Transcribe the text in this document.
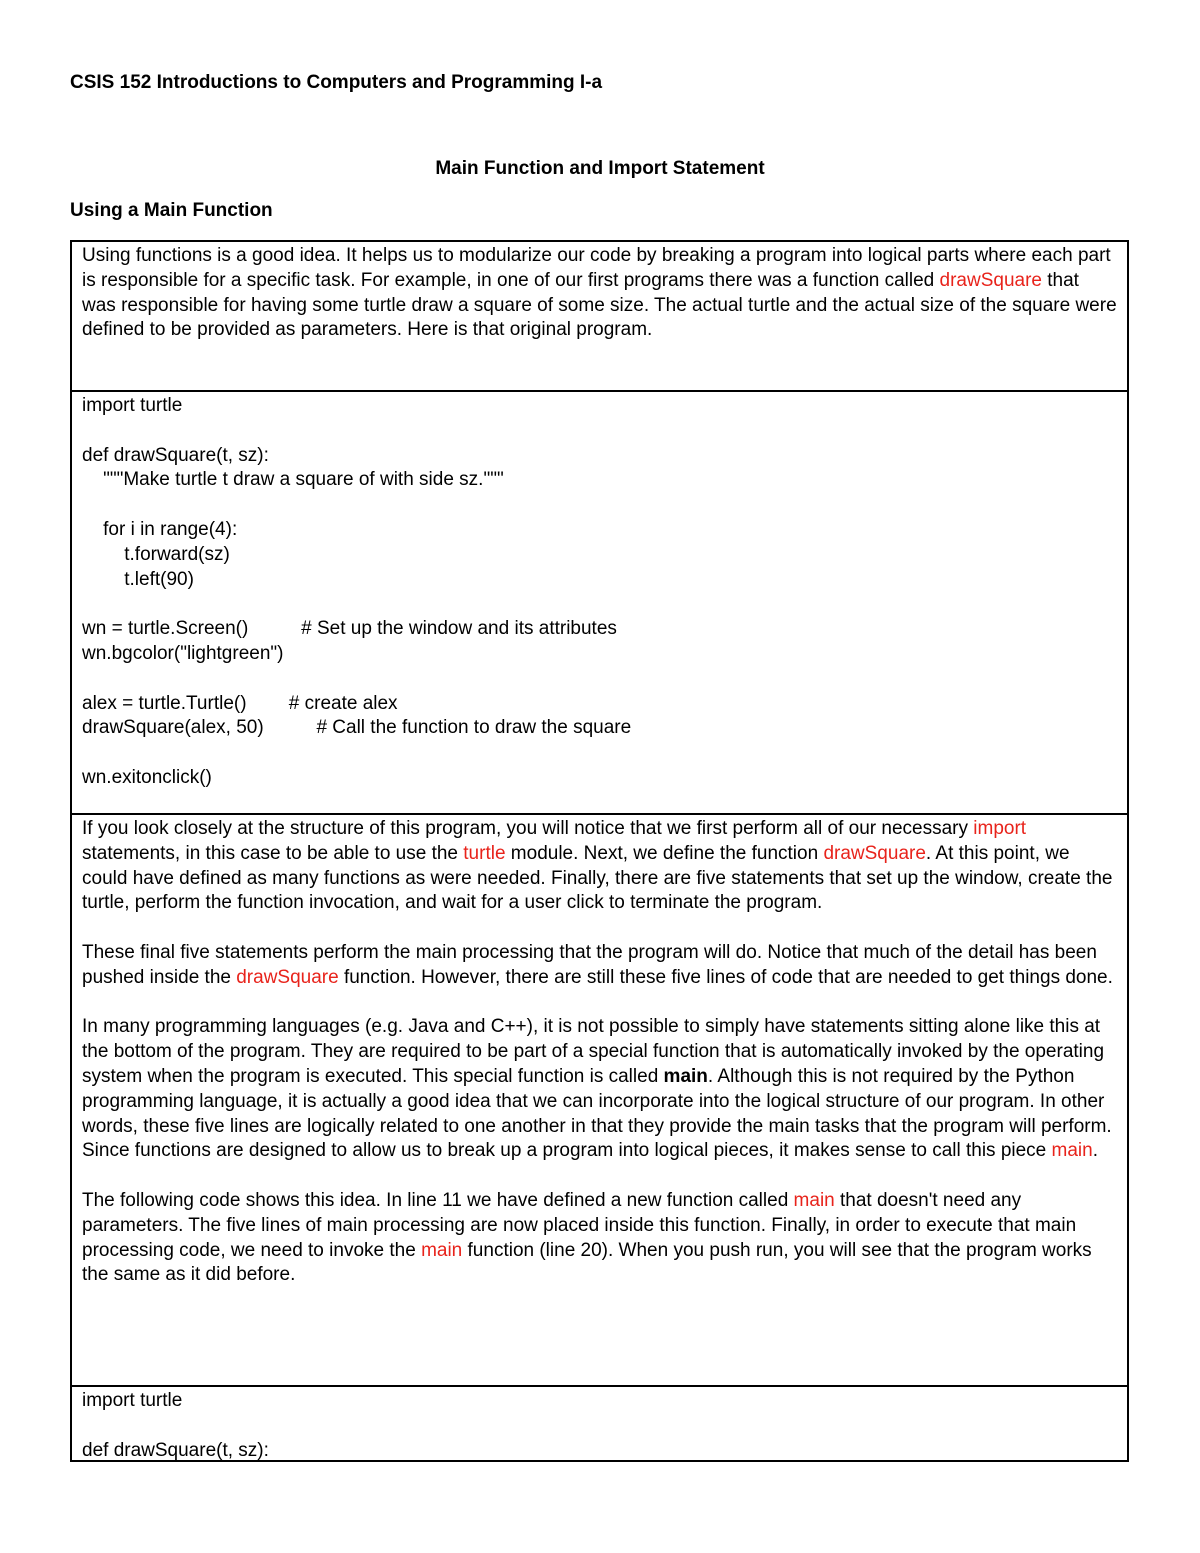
CSIS 152 Introductions to Computers and Programming I-a
Main Function and Import Statement
Using a Main Function

Using functions is a good idea. It helps us to modularize our code by breaking a program into logical parts where each part is responsible for a specific task. For example, in one of our first programs there was a function called drawSquare that was responsible for having some turtle draw a square of some size. The actual turtle and the actual size of the square were defined to be provided as parameters. Here is that original program.

import turtle
def drawSquare(t, sz):
"""Make turtle t draw a square of with side sz."""
for i in range(4):
t.forward(sz)
t.left(90)
wn = turtle.Screen()          # Set up the window and its attributes
wn.bgcolor("lightgreen")
alex = turtle.Turtle()        # create alex
drawSquare(alex, 50)          # Call the function to draw the square
wn.exitonclick()

If you look closely at the structure of this program, you will notice that we first perform all of our necessary import statements, in this case to be able to use the turtle module. Next, we define the function drawSquare. At this point, we could have defined as many functions as were needed. Finally, there are five statements that set up the window, create the turtle, perform the function invocation, and wait for a user click to terminate the program.

These final five statements perform the main processing that the program will do. Notice that much of the detail has been pushed inside the drawSquare function. However, there are still these five lines of code that are needed to get things done.

In many programming languages (e.g. Java and C++), it is not possible to simply have statements sitting alone like this at the bottom of the program. They are required to be part of a special function that is automatically invoked by the operating system when the program is executed. This special function is called main. Although this is not required by the Python programming language, it is actually a good idea that we can incorporate into the logical structure of our program. In other words, these five lines are logically related to one another in that they provide the main tasks that the program will perform. Since functions are designed to allow us to break up a program into logical pieces, it makes sense to call this piece main.

The following code shows this idea. In line 11 we have defined a new function called main that doesn't need any parameters. The five lines of main processing are now placed inside this function. Finally, in order to execute that main processing code, we need to invoke the main function (line 20). When you push run, you will see that the program works the same as it did before.

import turtle
def drawSquare(t, sz):
